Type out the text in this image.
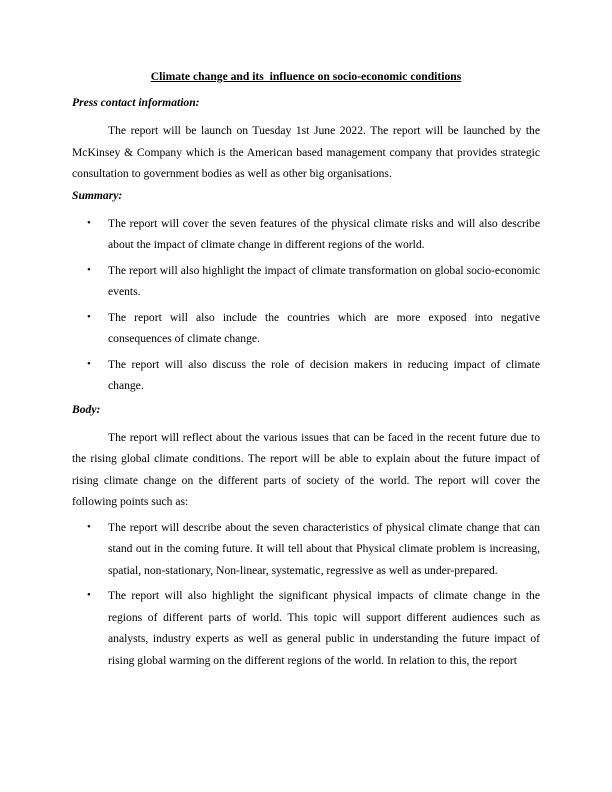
Climate change and its  influence on socio-economic conditions
Press contact information:

The report will be launch on Tuesday 1st June 2022. The report will be launched by the McKinsey & Company which is the American based management company that provides strategic consultation to government bodies as well as other big organisations.

Summary:
• The report will cover the seven features of the physical climate risks and will also describe about the impact of climate change in different regions of the world.
• The report will also highlight the impact of climate transformation on global socio-economic events.
• The report will also include the countries which are more exposed into negative consequences of climate change.
• The report will also discuss the role of decision makers in reducing impact of climate change.
Body:

The report will reflect about the various issues that can be faced in the recent future due to the rising global climate conditions. The report will be able to explain about the future impact of rising climate change on the different parts of society of the world. The report will cover the following points such as:

• The report will describe about the seven characteristics of physical climate change that can stand out in the coming future. It will tell about that Physical climate problem is increasing, spatial, non-stationary, Non-linear, systematic, regressive as well as under-prepared.
• The report will also highlight the significant physical impacts of climate change in the regions of different parts of world. This topic will support different audiences such as analysts, industry experts as well as general public in understanding the future impact of rising global warming on the different regions of the world. In relation to this, the report
